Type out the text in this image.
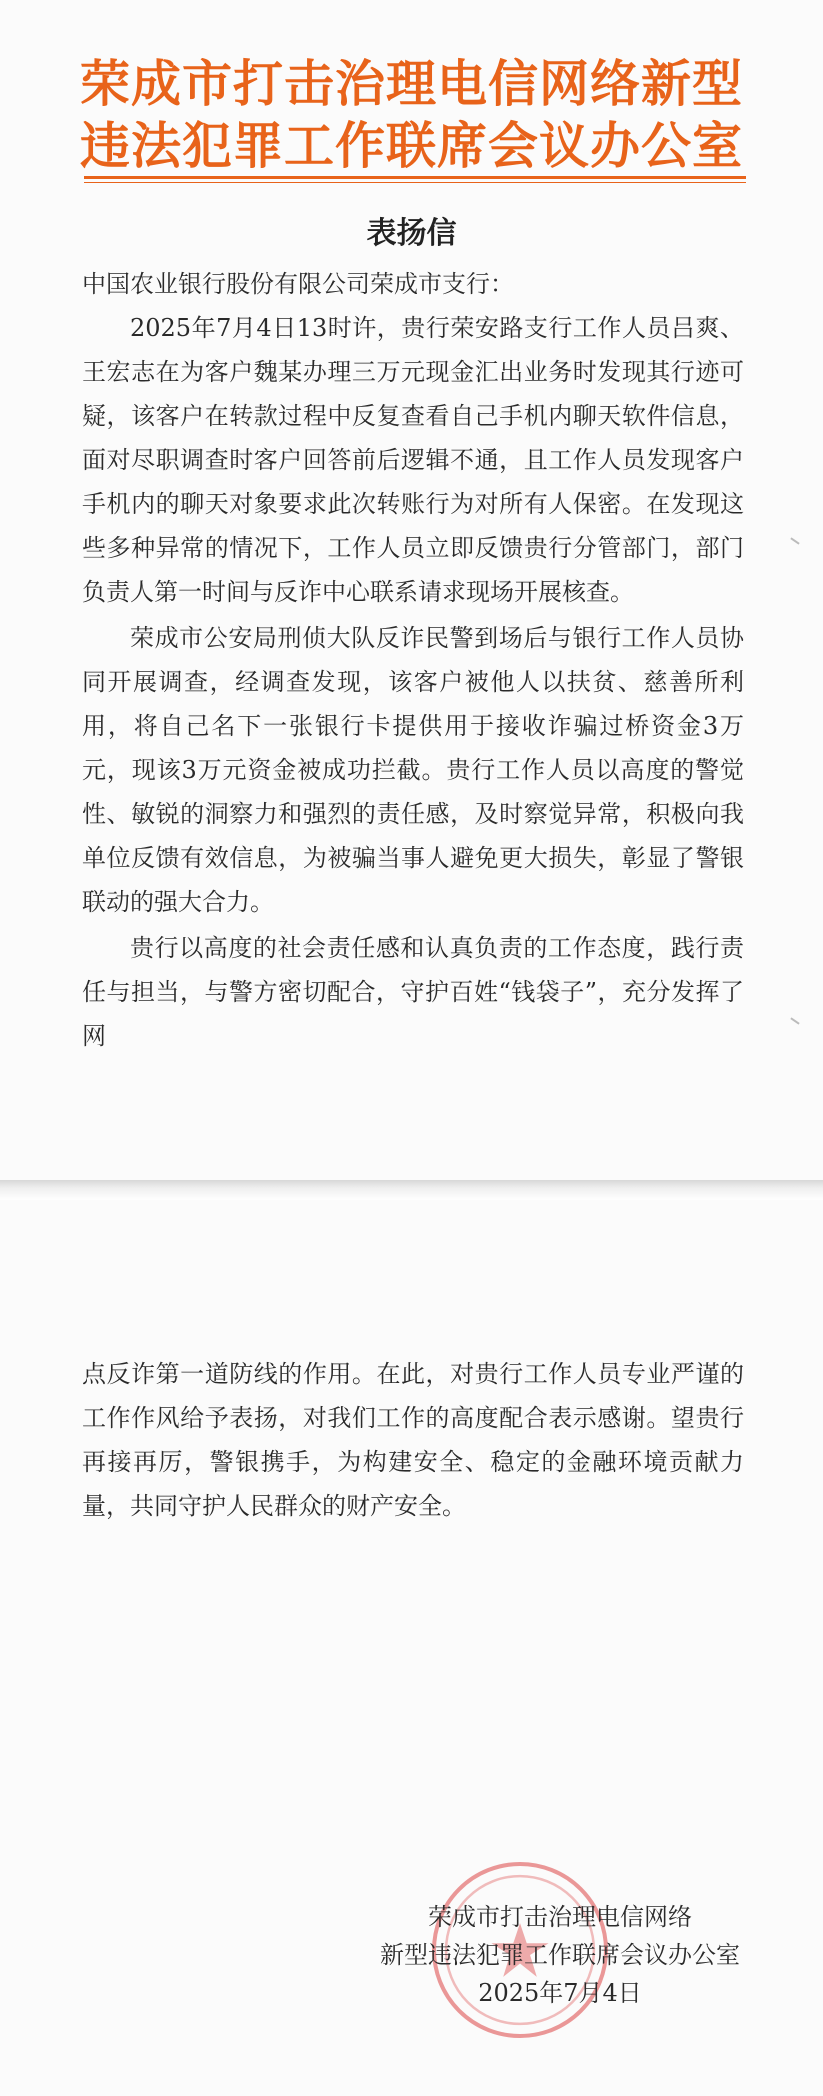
荣成市打击治理电信网络新型
违法犯罪工作联席会议办公室
表扬信

中国农业银行股份有限公司荣成市支行：

2025年7月4日13时许，贵行荣安路支行工作人员吕爽、王宏志在为客户魏某办理三万元现金汇出业务时发现其行迹可疑，该客户在转款过程中反复查看自己手机内聊天软件信息，面对尽职调查时客户回答前后逻辑不通，且工作人员发现客户手机内的聊天对象要求此次转账行为对所有人保密。在发现这些多种异常的情况下，工作人员立即反馈贵行分管部门，部门负责人第一时间与反诈中心联系请求现场开展核查。

荣成市公安局刑侦大队反诈民警到场后与银行工作人员协同开展调查，经调查发现，该客户被他人以扶贫、慈善所利用，将自己名下一张银行卡提供用于接收诈骗过桥资金3万元，现该3万元资金被成功拦截。贵行工作人员以高度的警觉性、敏锐的洞察力和强烈的责任感，及时察觉异常，积极向我单位反馈有效信息，为被骗当事人避免更大损失，彰显了警银联动的强大合力。

贵行以高度的社会责任感和认真负责的工作态度，践行责任与担当，与警方密切配合，守护百姓“钱袋子”，充分发挥了网

点反诈第一道防线的作用。在此，对贵行工作人员专业严谨的工作作风给予表扬，对我们工作的高度配合表示感谢。望贵行再接再厉，警银携手，为构建安全、稳定的金融环境贡献力量，共同守护人民群众的财产安全。

荣成市打击治理电信网络
新型违法犯罪工作联席会议办公室
2025年7月4日
